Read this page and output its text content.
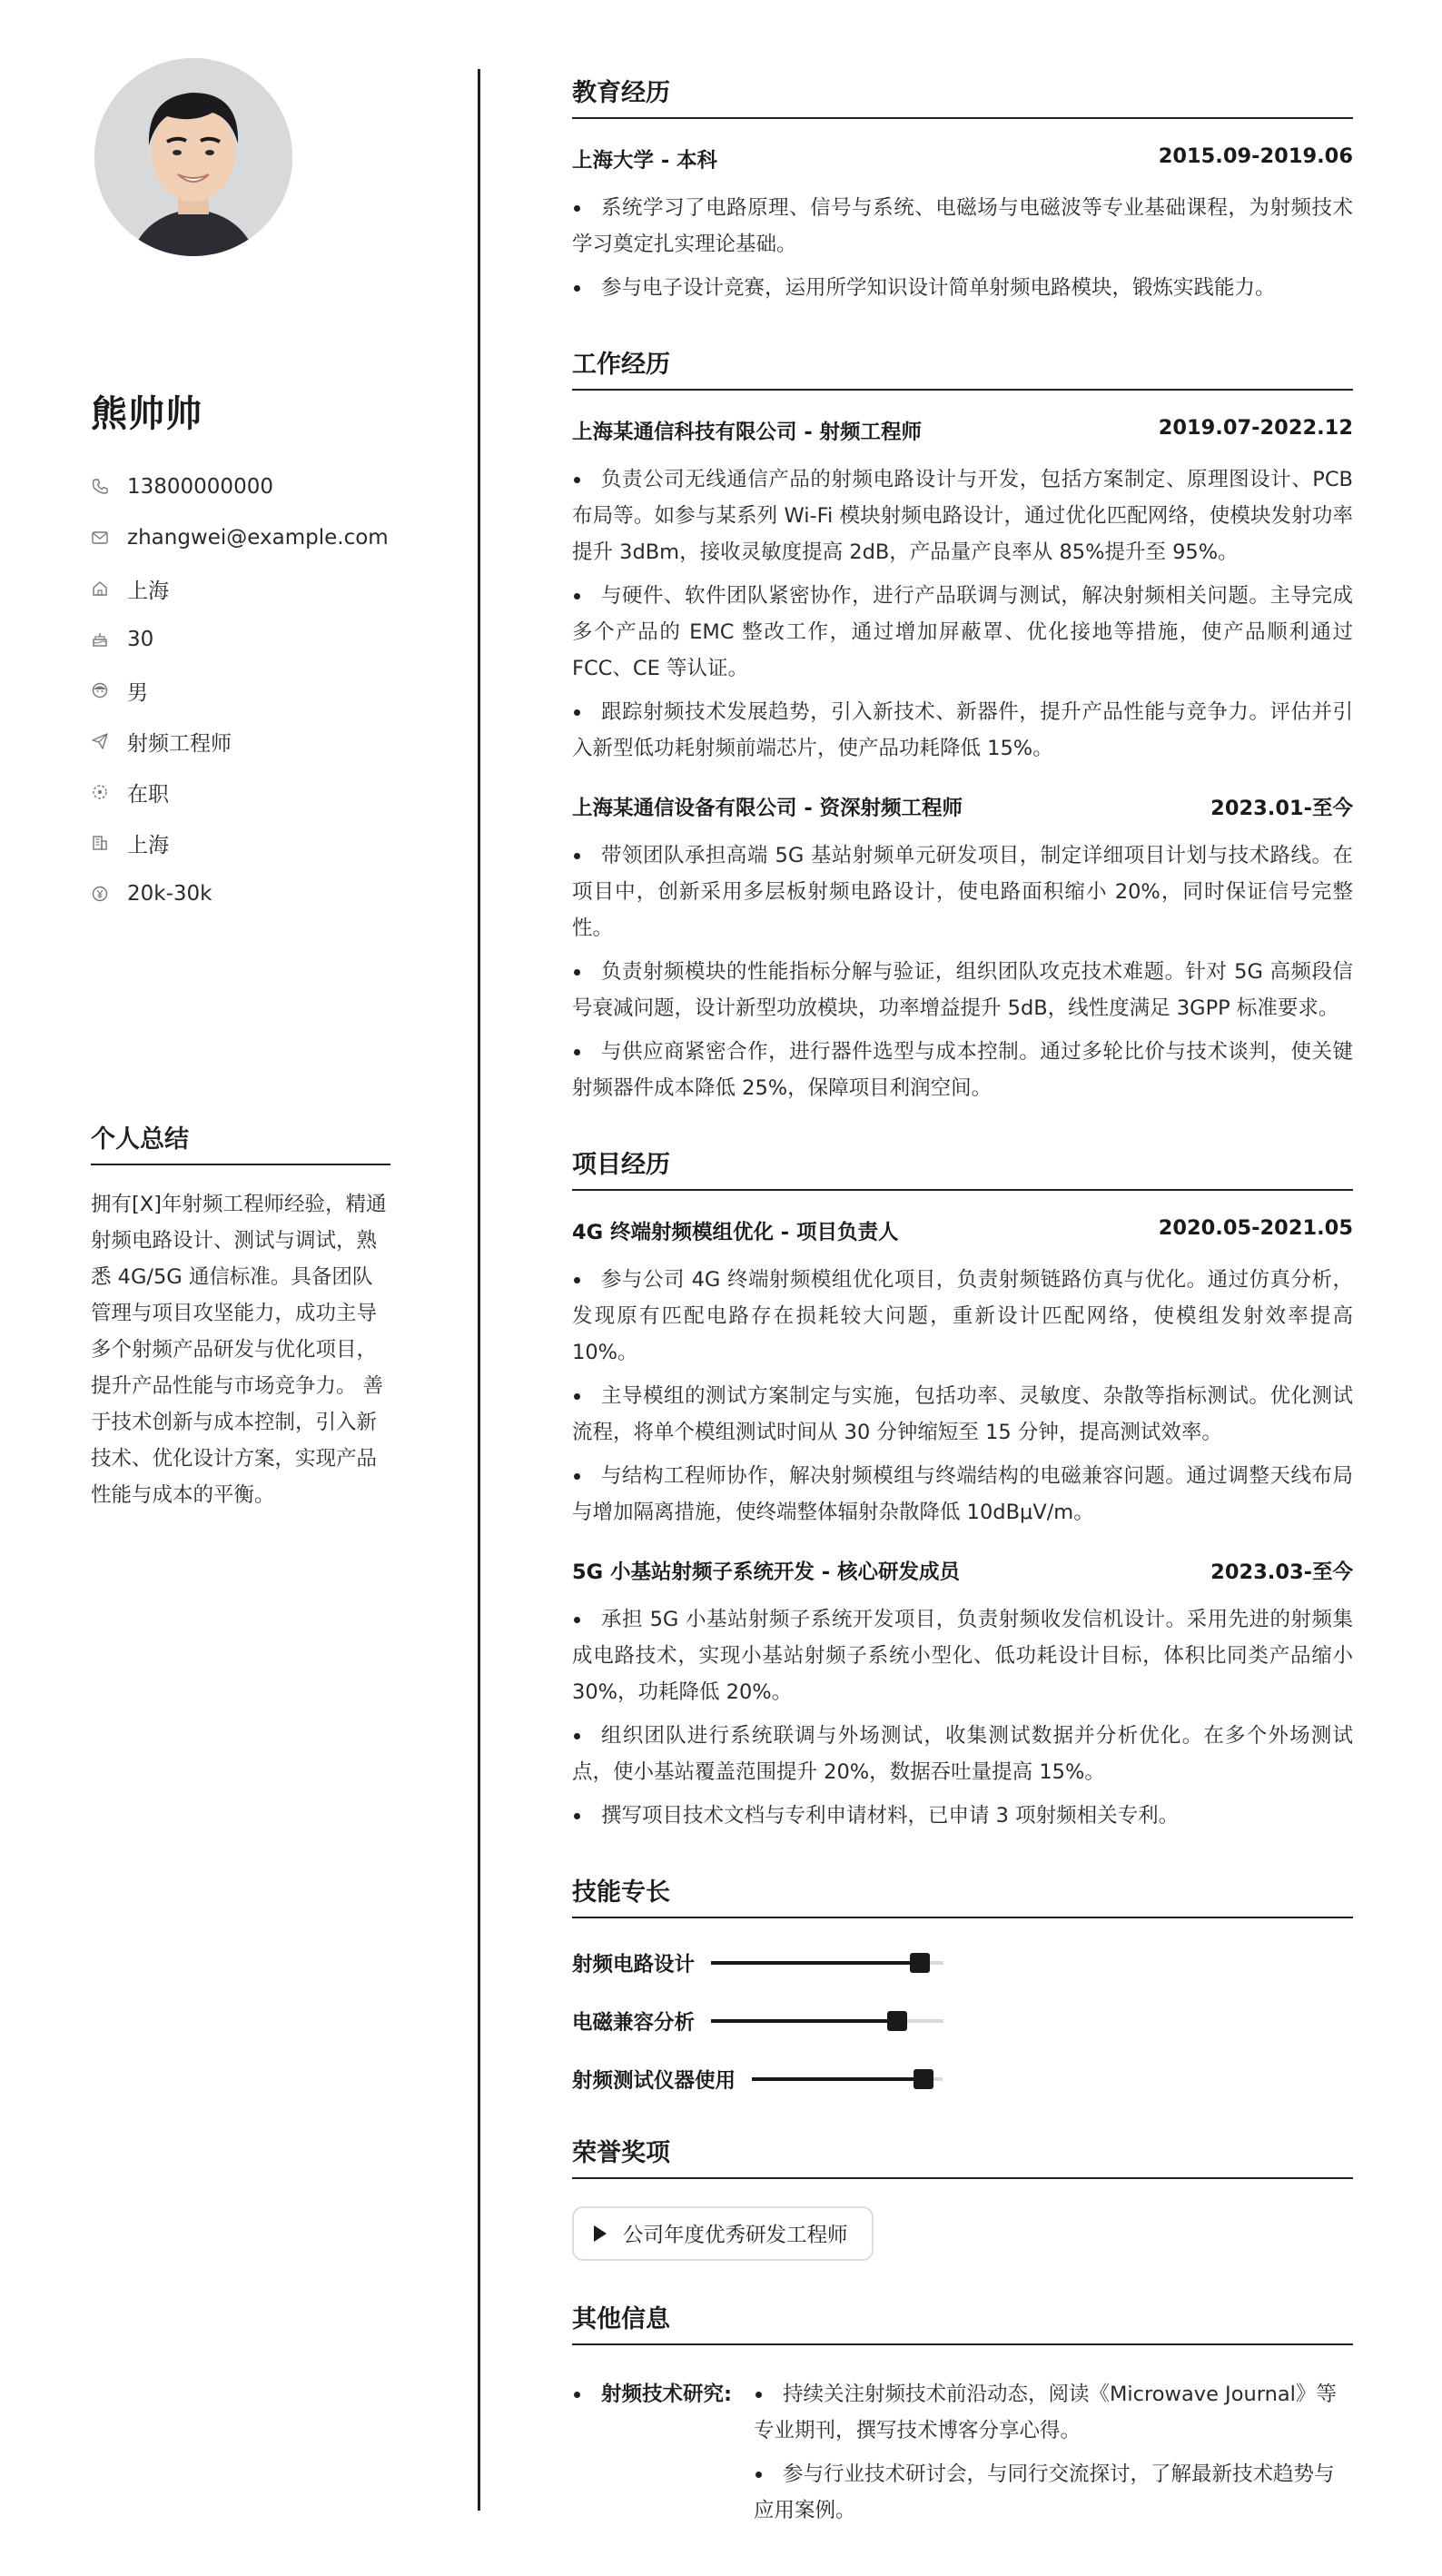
熊帅帅
13800000000
zhangwei@example.com
上海
30
男
射频工程师
在职
上海
20k-30k
个人总结
拥有[X]年射频工程师经验，精通射频电路设计、测试与调试，熟悉 4G/5G 通信标准。具备团队管理与项目攻坚能力，成功主导多个射频产品研发与优化项目，提升产品性能与市场竞争力。 善于技术创新与成本控制，引入新技术、优化设计方案，实现产品性能与成本的平衡。
教育经历
上海大学 - 本科	2015.09-2019.06
系统学习了电路原理、信号与系统、电磁场与电磁波等专业基础课程，为射频技术学习奠定扎实理论基础。
参与电子设计竞赛，运用所学知识设计简单射频电路模块，锻炼实践能力。
工作经历
上海某通信科技有限公司 - 射频工程师	2019.07-2022.12
负责公司无线通信产品的射频电路设计与开发，包括方案制定、原理图设计、PCB 布局等。如参与某系列 Wi-Fi 模块射频电路设计，通过优化匹配网络，使模块发射功率提升 3dBm，接收灵敏度提高 2dB，产品量产良率从 85%提升至 95%。
与硬件、软件团队紧密协作，进行产品联调与测试，解决射频相关问题。主导完成多个产品的 EMC 整改工作，通过增加屏蔽罩、优化接地等措施，使产品顺利通过 FCC、CE 等认证。
跟踪射频技术发展趋势，引入新技术、新器件，提升产品性能与竞争力。评估并引入新型低功耗射频前端芯片，使产品功耗降低 15%。
上海某通信设备有限公司 - 资深射频工程师	2023.01-至今
带领团队承担高端 5G 基站射频单元研发项目，制定详细项目计划与技术路线。在项目中，创新采用多层板射频电路设计，使电路面积缩小 20%，同时保证信号完整性。
负责射频模块的性能指标分解与验证，组织团队攻克技术难题。针对 5G 高频段信号衰减问题，设计新型功放模块，功率增益提升 5dB，线性度满足 3GPP 标准要求。
与供应商紧密合作，进行器件选型与成本控制。通过多轮比价与技术谈判，使关键射频器件成本降低 25%，保障项目利润空间。
项目经历
4G 终端射频模组优化 - 项目负责人	2020.05-2021.05
参与公司 4G 终端射频模组优化项目，负责射频链路仿真与优化。通过仿真分析，发现原有匹配电路存在损耗较大问题，重新设计匹配网络，使模组发射效率提高 10%。
主导模组的测试方案制定与实施，包括功率、灵敏度、杂散等指标测试。优化测试流程，将单个模组测试时间从 30 分钟缩短至 15 分钟，提高测试效率。
与结构工程师协作，解决射频模组与终端结构的电磁兼容问题。通过调整天线布局与增加隔离措施，使终端整体辐射杂散降低 10dBμV/m。
5G 小基站射频子系统开发 - 核心研发成员	2023.03-至今
承担 5G 小基站射频子系统开发项目，负责射频收发信机设计。采用先进的射频集成电路技术，实现小基站射频子系统小型化、低功耗设计目标，体积比同类产品缩小 30%，功耗降低 20%。
组织团队进行系统联调与外场测试，收集测试数据并分析优化。在多个外场测试点，使小基站覆盖范围提升 20%，数据吞吐量提高 15%。
撰写项目技术文档与专利申请材料，已申请 3 项射频相关专利。
技能专长
射频电路设计
电磁兼容分析
射频测试仪器使用
荣誉奖项
公司年度优秀研发工程师
其他信息
射频技术研究:	持续关注射频技术前沿动态，阅读《Microwave Journal》等专业期刊，撰写技术博客分享心得。
参与行业技术研讨会，与同行交流探讨，了解最新技术趋势与应用案例。
